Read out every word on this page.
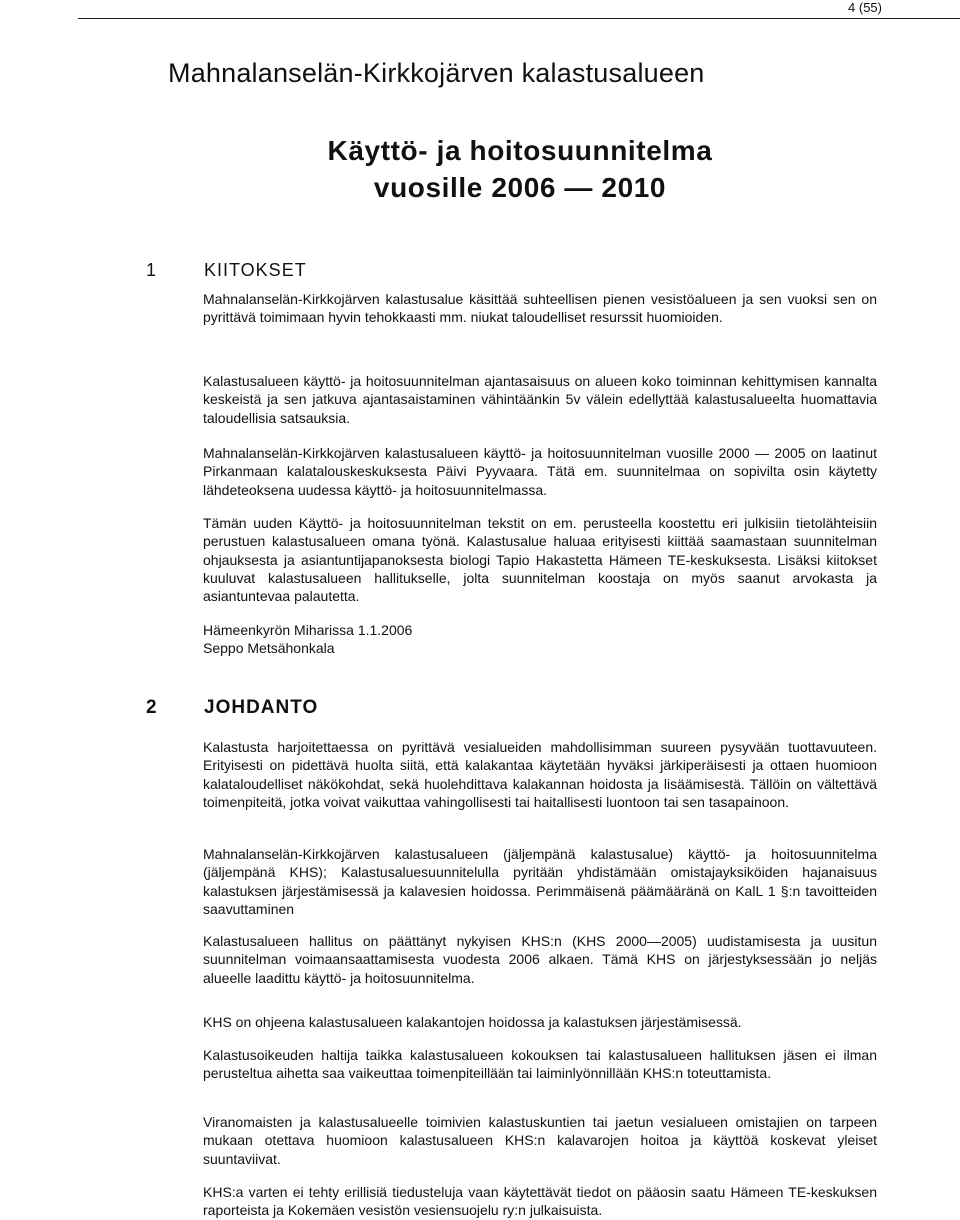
4 (55)
Mahnalanselän-Kirkkojärven kalastusalueen
Käyttö- ja hoitosuunnitelma
vuosille 2006 — 2010
1	KIITOKSET

Mahnalanselän-Kirkkojärven kalastusalue käsittää suhteellisen pienen vesistöalueen ja sen vuoksi sen on pyrittävä toimimaan hyvin tehokkaasti mm. niukat taloudelliset resurssit huomioiden.

Kalastusalueen käyttö- ja hoitosuunnitelman ajantasaisuus on alueen koko toiminnan kehittymisen kannalta keskeistä ja sen jatkuva ajantasaistaminen vähintäänkin 5v välein edellyttää kalastusalueelta huomattavia taloudellisia satsauksia.

Mahnalanselän-Kirkkojärven kalastusalueen käyttö- ja hoitosuunnitelman vuosille 2000 — 2005 on laatinut Pirkanmaan kalatalouskeskuksesta Päivi Pyyvaara. Tätä em. suunnitelmaa on sopivilta osin käytetty lähdeteoksena uudessa käyttö- ja hoitosuunnitelmassa.

Tämän uuden Käyttö- ja hoitosuunnitelman tekstit on em. perusteella koostettu eri julkisiin tietolähteisiin perustuen kalastusalueen omana työnä. Kalastusalue haluaa erityisesti kiittää saamastaan suunnitelman ohjauksesta ja asiantuntijapanoksesta biologi Tapio Hakastetta Hämeen TE-keskuksesta. Lisäksi kiitokset kuuluvat kalastusalueen hallitukselle, jolta suunnitelman koostaja on myös saanut arvokasta ja asiantuntevaa palautetta.

Hämeenkyrön Miharissa 1.1.2006

Seppo Metsähonkala

2 JOHDANTO

Kalastusta harjoitettaessa on pyrittävä vesialueiden mahdollisimman suureen pysyvään tuottavuuteen. Erityisesti on pidettävä huolta siitä, että kalakantaa käytetään hyväksi järkiperäisesti ja ottaen huomioon kalataloudelliset näkökohdat, sekä huolehdittava kalakannan hoidosta ja lisäämisestä. Tällöin on vältettävä toimenpiteitä, jotka voivat vaikuttaa vahingollisesti tai haitallisesti luontoon tai sen tasapainoon.

Mahnalanselän-Kirkkojärven kalastusalueen (jäljempänä kalastusalue) käyttö- ja hoitosuunnitelma (jäljempänä KHS); Kalastusaluesuunnitelulla pyritään yhdistämään omistajayksiköiden hajanaisuus kalastuksen järjestämisessä ja kalavesien hoidossa. Perimmäisenä päämääränä on KalL 1 §:n tavoitteiden saavuttaminen

Kalastusalueen hallitus on päättänyt nykyisen KHS:n (KHS 2000—2005) uudistamisesta ja uusitun suunnitelman voimaansaattamisesta vuodesta 2006 alkaen. Tämä KHS on järjestyksessään jo neljäs alueelle laadittu käyttö- ja hoitosuunnitelma.

KHS on ohjeena kalastusalueen kalakantojen hoidossa ja kalastuksen järjestämisessä.

Kalastusoikeuden haltija taikka kalastusalueen kokouksen tai kalastusalueen hallituksen jäsen ei ilman perusteltua aihetta saa vaikeuttaa toimenpiteillään tai laiminlyönnillään KHS:n toteuttamista.

Viranomaisten ja kalastusalueelle toimivien kalastuskuntien tai jaetun vesialueen omistajien on tarpeen mukaan otettava huomioon kalastusalueen KHS:n kalavarojen hoitoa ja käyttöä koskevat yleiset suuntaviivat.

KHS:a varten ei tehty erillisiä tiedusteluja vaan käytettävät tiedot on pääosin saatu Hämeen TE-keskuksen raporteista ja Kokemäen vesistön vesiensuojelu ry:n julkaisuista.
